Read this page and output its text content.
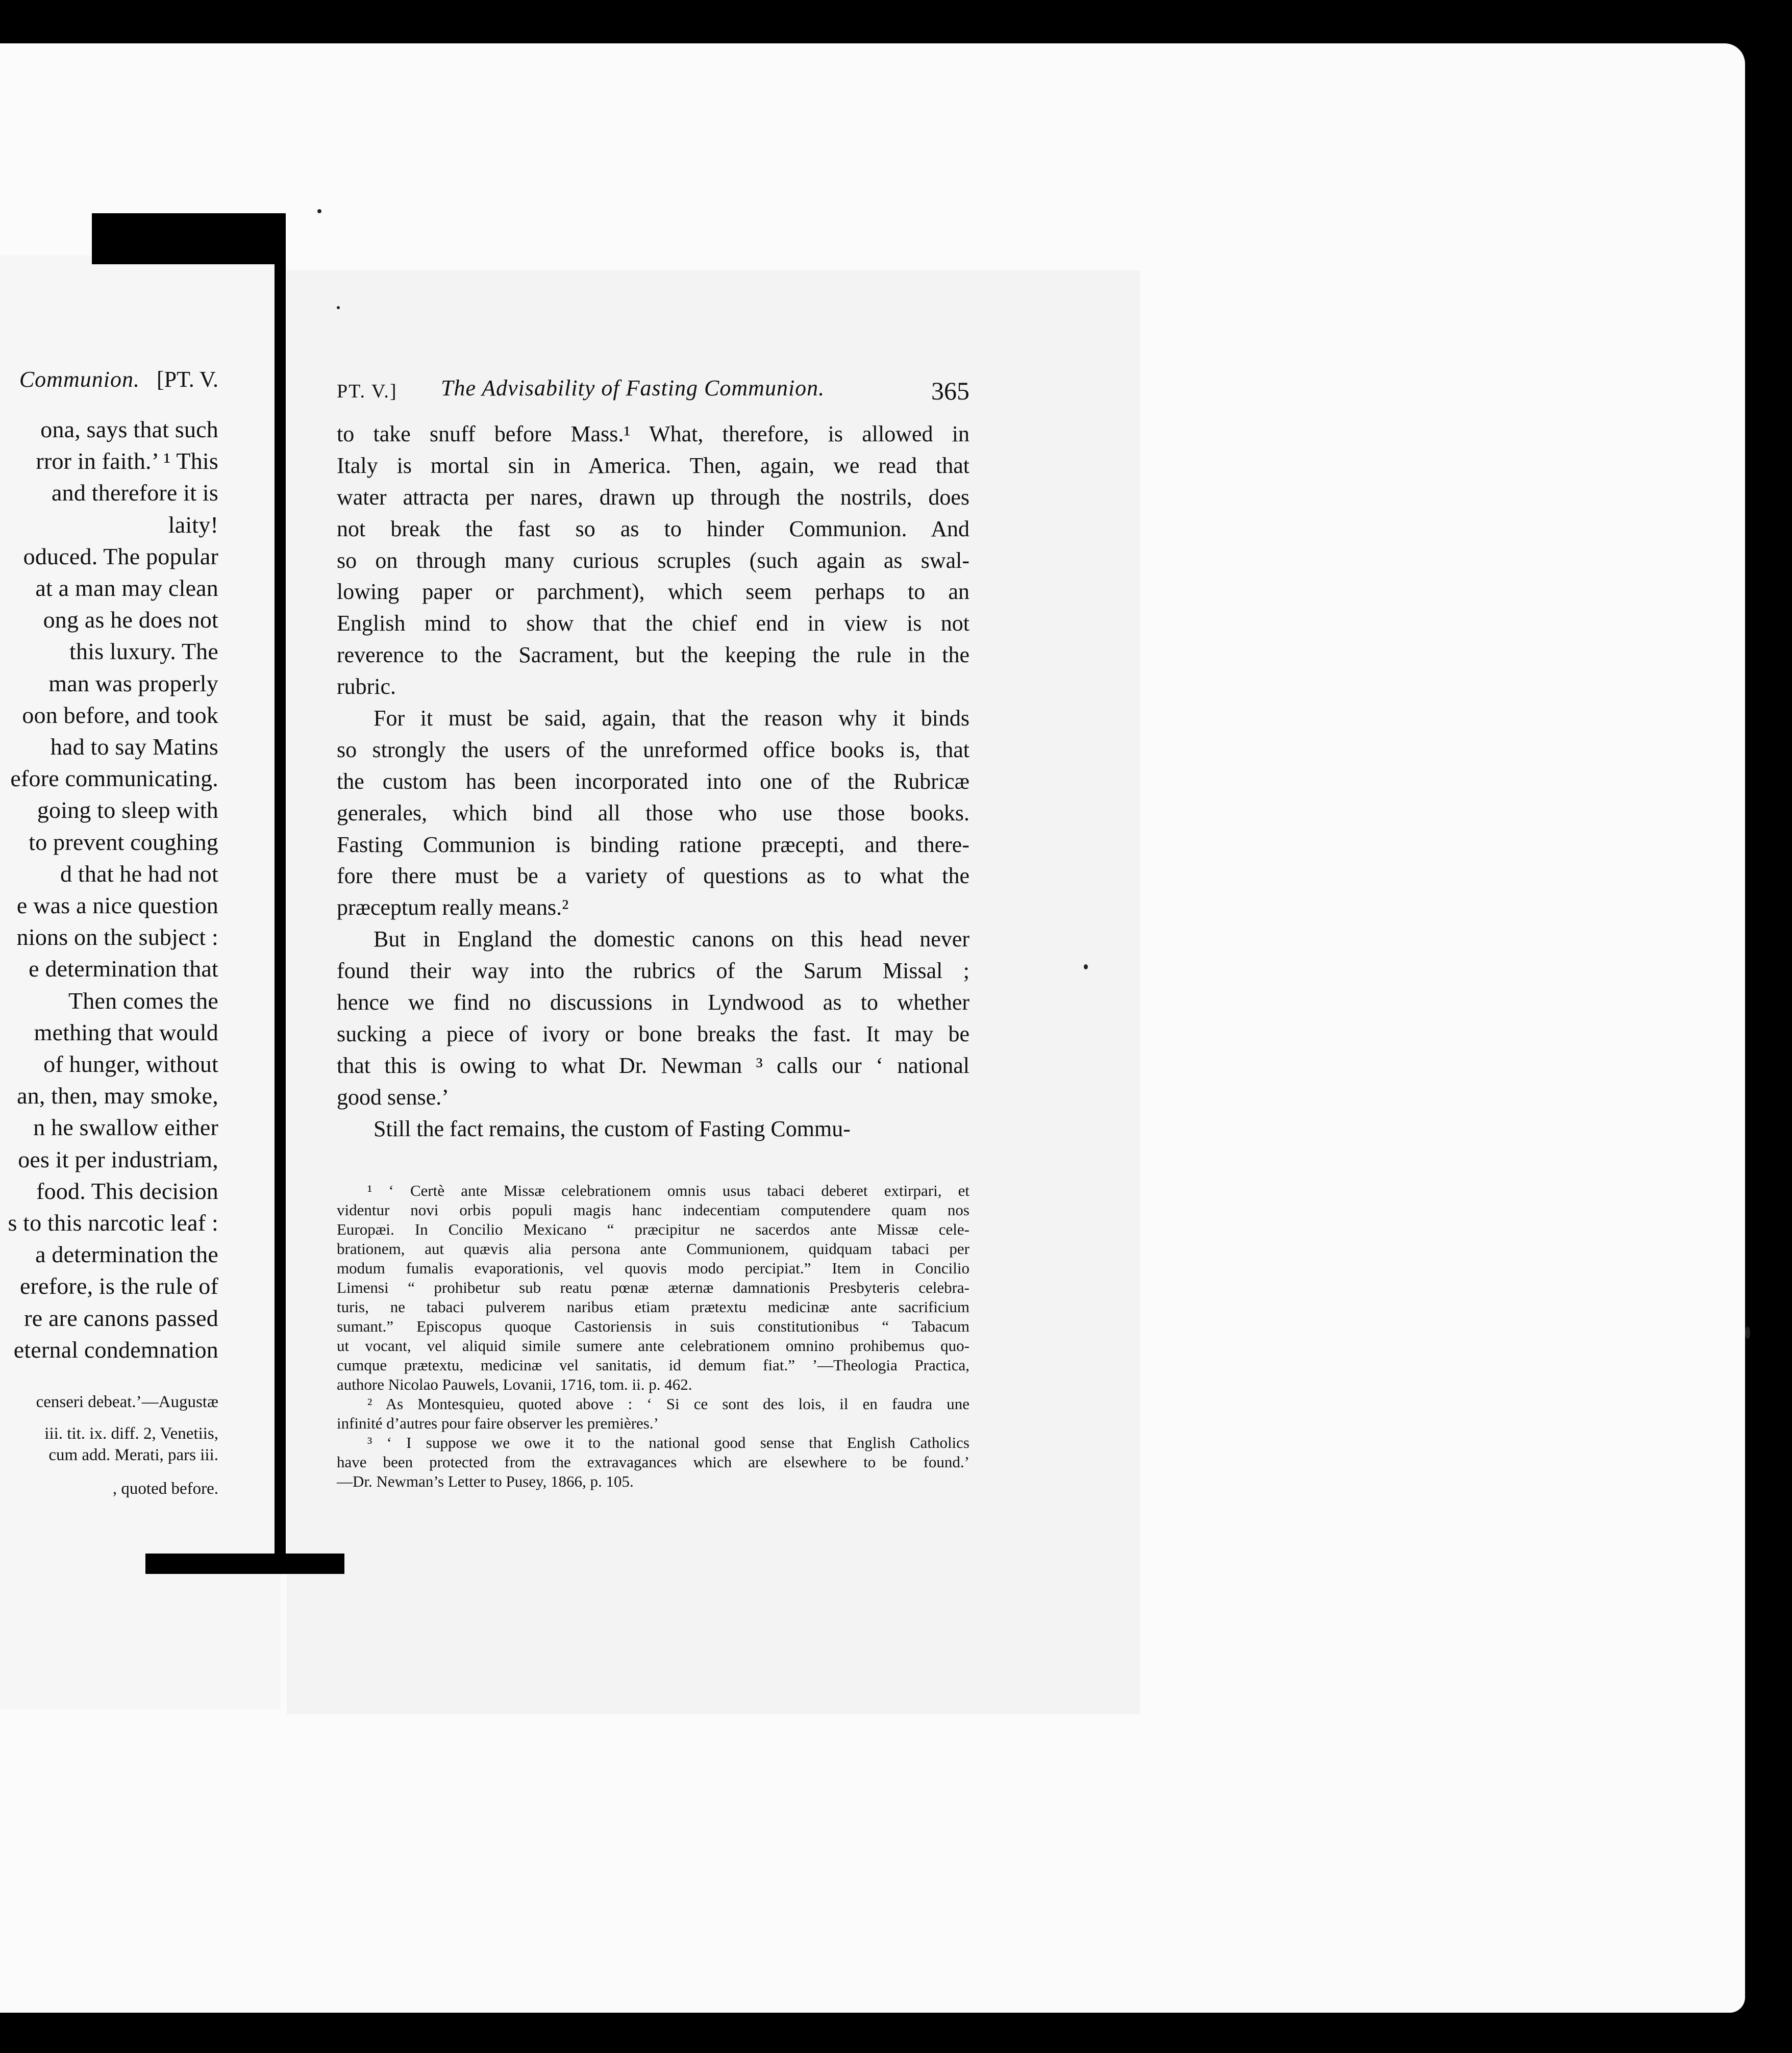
Communion. [PT. V.
ona, says that such
rror in faith.’ ¹ This
and therefore it is
laity!
oduced. The popular
at a man may clean
ong as he does not
this luxury. The
man was properly
oon before, and took
had to say Matins
efore communicating.
going to sleep with
to prevent coughing
d that he had not
e was a nice question
nions on the subject :
e determination that
Then comes the
mething that would
of hunger, without
an, then, may smoke,
n he swallow either
oes it per industriam,
food. This decision
s to this narcotic leaf :
a determination the
erefore, is the rule of
re are canons passed
eternal condemnation
censeri debeat.’—Augustæ
iii. tit. ix. diff. 2, Venetiis,
cum add. Merati, pars iii.
, quoted before.
PT. V.] The Advisability of Fasting Communion.	365
to take snuff before Mass.¹ What, therefore, is allowed in
Italy is mortal sin in America. Then, again, we read that
water attracta per nares, drawn up through the nostrils, does
not break the fast so as to hinder Communion. And
so on through many curious scruples (such again as swal-
lowing paper or parchment), which seem perhaps to an
English mind to show that the chief end in view is not
reverence to the Sacrament, but the keeping the rule in the
rubric.
For it must be said, again, that the reason why it binds
so strongly the users of the unreformed office books is, that
the custom has been incorporated into one of the Rubricæ
generales, which bind all those who use those books.
Fasting Communion is binding ratione præcepti, and there-
fore there must be a variety of questions as to what the
præceptum really means.²
But in England the domestic canons on this head never
found their way into the rubrics of the Sarum Missal ;
hence we find no discussions in Lyndwood as to whether
sucking a piece of ivory or bone breaks the fast. It may be
that this is owing to what Dr. Newman ³ calls our ‘ national
good sense.’
Still the fact remains, the custom of Fasting Commu-
¹ ‘ Certè ante Missæ celebrationem omnis usus tabaci deberet extirpari, et
videntur novi orbis populi magis hanc indecentiam computendere quam nos
Europæi. In Concilio Mexicano “ præcipitur ne sacerdos ante Missæ cele-
brationem, aut quævis alia persona ante Communionem, quidquam tabaci per
modum fumalis evaporationis, vel quovis modo percipiat.” Item in Concilio
Limensi “ prohibetur sub reatu pœnæ æternæ damnationis Presbyteris celebra-
turis, ne tabaci pulverem naribus etiam prætextu medicinæ ante sacrificium
sumant.” Episcopus quoque Castoriensis in suis constitutionibus “ Tabacum
ut vocant, vel aliquid simile sumere ante celebrationem omnino prohibemus quo-
cumque prætextu, medicinæ vel sanitatis, id demum fiat.” ’—Theologia Practica,
authore Nicolao Pauwels, Lovanii, 1716, tom. ii. p. 462.
² As Montesquieu, quoted above : ‘ Si ce sont des lois, il en faudra une
infinité d’autres pour faire observer les premières.’
³ ‘ I suppose we owe it to the national good sense that English Catholics
have been protected from the extravagances which are elsewhere to be found.’
—Dr. Newman’s Letter to Pusey, 1866, p. 105.
